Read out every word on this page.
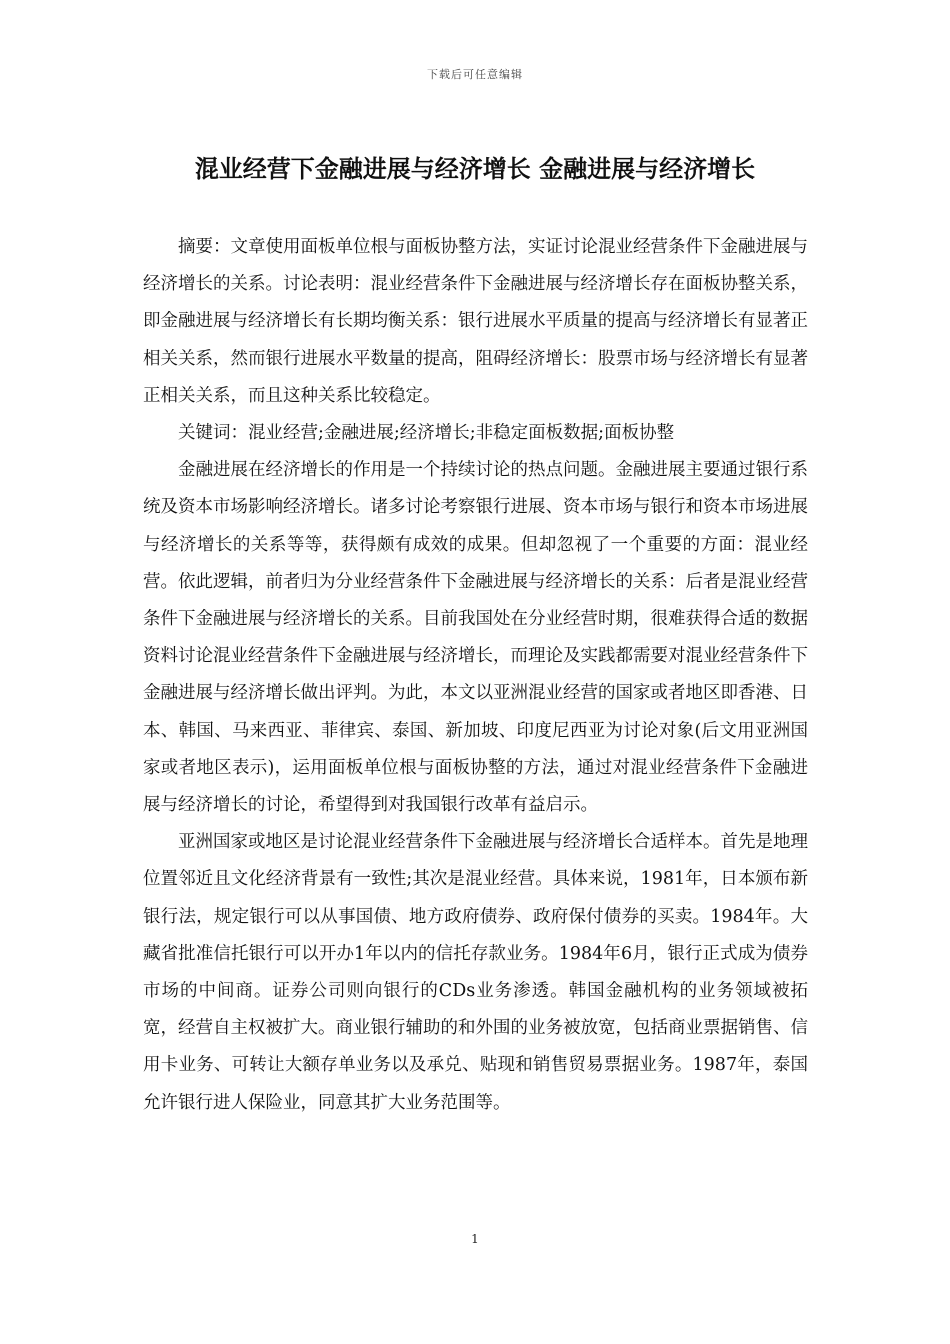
下载后可任意编辑
混业经营下金融进展与经济增长 金融进展与经济增长

摘要：文章使用面板单位根与面板协整方法，实证讨论混业经营条件下金融进展与经济增长的关系。讨论表明：混业经营条件下金融进展与经济增长存在面板协整关系，即金融进展与经济增长有长期均衡关系：银行进展水平质量的提高与经济增长有显著正相关关系，然而银行进展水平数量的提高，阻碍经济增长：股票市场与经济增长有显著正相关关系，而且这种关系比较稳定。

关键词：混业经营;金融进展;经济增长;非稳定面板数据;面板协整

金融进展在经济增长的作用是一个持续讨论的热点问题。金融进展主要通过银行系统及资本市场影响经济增长。诸多讨论考察银行进展、资本市场与银行和资本市场进展与经济增长的关系等等，获得颇有成效的成果。但却忽视了一个重要的方面：混业经营。依此逻辑，前者归为分业经营条件下金融进展与经济增长的关系：后者是混业经营条件下金融进展与经济增长的关系。目前我国处在分业经营时期，很难获得合适的数据资料讨论混业经营条件下金融进展与经济增长，而理论及实践都需要对混业经营条件下金融进展与经济增长做出评判。为此，本文以亚洲混业经营的国家或者地区即香港、日本、韩国、马来西亚、菲律宾、泰国、新加坡、印度尼西亚为讨论对象(后文用亚洲国家或者地区表示)，运用面板单位根与面板协整的方法，通过对混业经营条件下金融进展与经济增长的讨论，希望得到对我国银行改革有益启示。

亚洲国家或地区是讨论混业经营条件下金融进展与经济增长合适样本。首先是地理位置邻近且文化经济背景有一致性;其次是混业经营。具体来说，1981年，日本颁布新银行法，规定银行可以从事国债、地方政府债券、政府保付债券的买卖。1984年。大藏省批准信托银行可以开办1年以内的信托存款业务。1984年6月，银行正式成为债券市场的中间商。证券公司则向银行的CDs业务渗透。韩国金融机构的业务领域被拓宽，经营自主权被扩大。商业银行辅助的和外围的业务被放宽，包括商业票据销售、信用卡业务、可转让大额存单业务以及承兑、贴现和销售贸易票据业务。1987年，泰国允许银行进人保险业，同意其扩大业务范围等。

1
